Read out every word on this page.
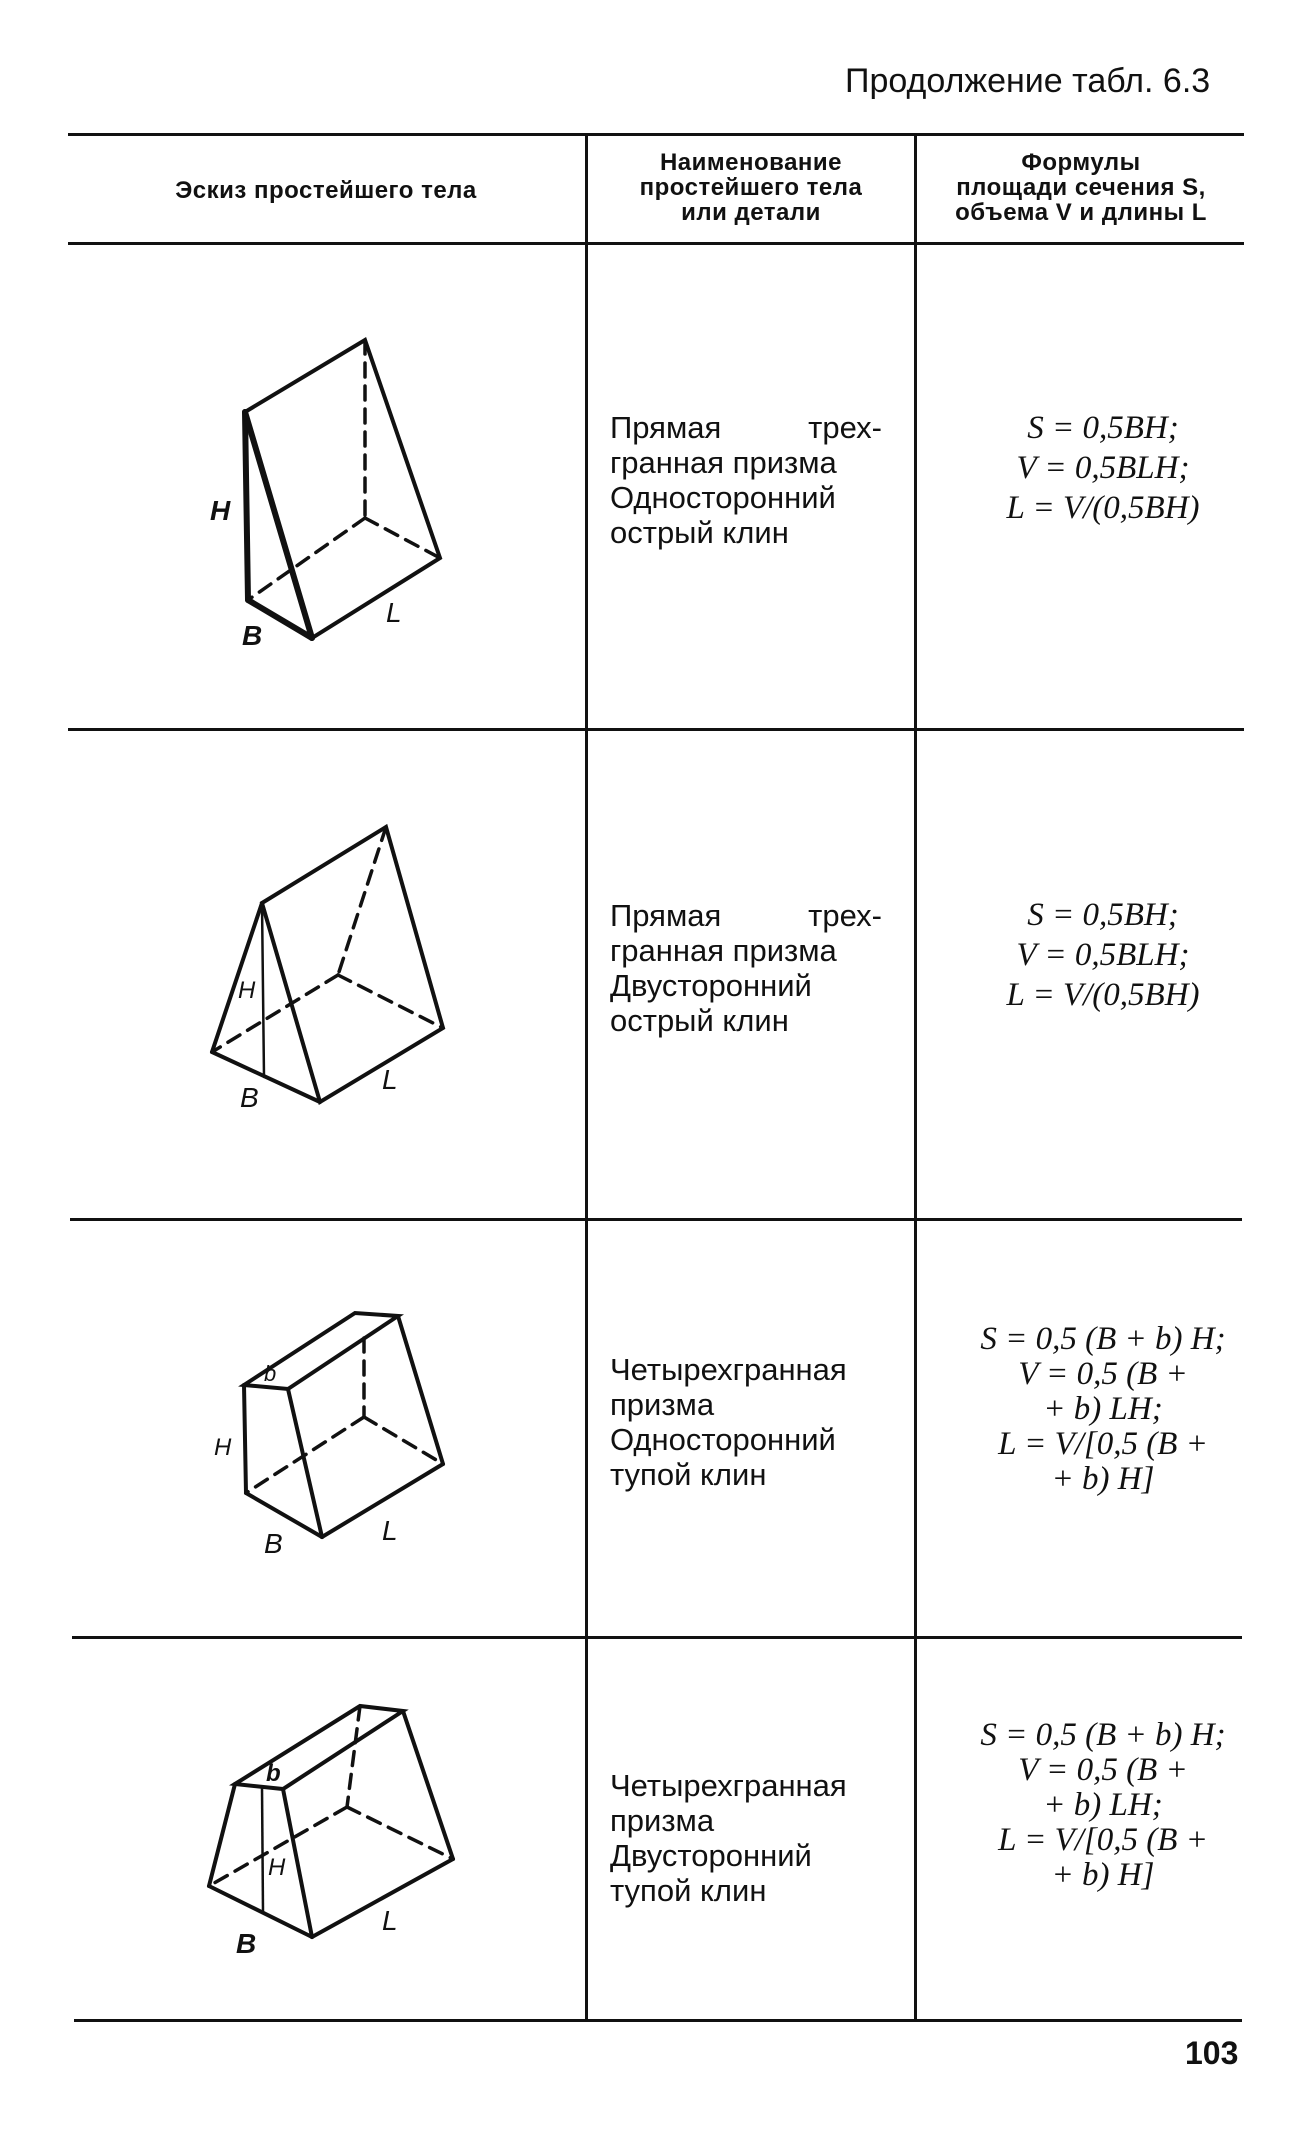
Продолжение табл. 6.3
Эскиз простейшего тела
Наименование
простейшего тела
или детали
Формулы
площади сечения S,
объема V и длины L
H
B
L
Прямая трех-
гранная призма
Односторонний
острый клин
S = 0,5BH;
V = 0,5BLH;
L = V/(0,5BH)
H
B
L
Прямая трех-
гранная призма
Двусторонний
острый клин
S = 0,5BH;
V = 0,5BLH;
L = V/(0,5BH)
H
b
B	L
Четырехгранная
призма
Односторонний
тупой клин
S = 0,5 (B + b) H;
V = 0,5 (B +
+ b) LH;
L = V/[0,5 (B +
+ b) H]
H
b
B
L
Четырехгранная
призма
Двусторонний
тупой клин
S = 0,5 (B + b) H;
V = 0,5 (B +
+ b) LH;
L = V/[0,5 (B +
+ b) H]
103
